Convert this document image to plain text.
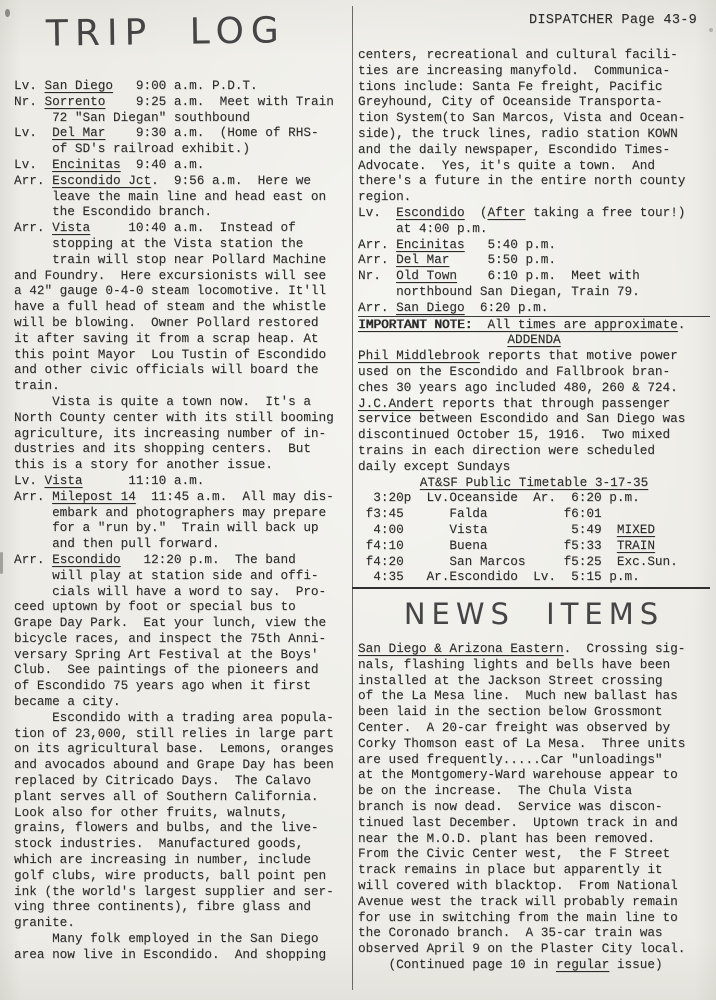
TRIP LOG	DISPATCHER Page 43-9
Lv. San Diego   9:00 a.m. P.D.T.
Nr. Sorrento    9:25 a.m.  Meet with Train
72 "San Diegan" southbound
Lv.  Del Mar    9:30 a.m.  (Home of RHS-
of SD's railroad exhibit.)
Lv.  Encinitas  9:40 a.m.
Arr. Escondido Jct.  9:56 a.m.  Here we
leave the main line and head east on
the Escondido branch.
Arr. Vista	10:40 a.m.  Instead of
stopping at the Vista station the
train will stop near Pollard Machine
and Foundry.  Here excursionists will see
a 42" gauge 0-4-0 steam locomotive. It'll
have a full head of steam and the whistle
will be blowing.  Owner Pollard restored
it after saving it from a scrap heap. At
this point Mayor  Lou Tustin of Escondido
and other civic officials will board the
train.
Vista is quite a town now.  It's a
North County center with its still booming
agriculture, its increasing number of in-
dustries and its shopping centers.  But
this is a story for another issue.
Lv. Vista	11:10 a.m.
Arr. Milepost 14  11:45 a.m.  All may dis-
embark and photographers may prepare
for a "run by."  Train will back up
and then pull forward.
Arr. Escondido   12:20 p.m.  The band
will play at station side and offi-
cials will have a word to say.  Pro-
ceed uptown by foot or special bus to
Grape Day Park.  Eat your lunch, view the
bicycle races, and inspect the 75th Anni-
versary Spring Art Festival at the Boys'
Club.  See paintings of the pioneers and
of Escondido 75 years ago when it first
became a city.
Escondido with a trading area popula-
tion of 23,000, still relies in large part
on its agricultural base.  Lemons, oranges
and avocados abound and Grape Day has been
replaced by Citricado Days.  The Calavo
plant serves all of Southern California.
Look also for other fruits, walnuts,
grains, flowers and bulbs, and the live-
stock industries.  Manufactured goods,
which are increasing in number, include
golf clubs, wire products, ball point pen
ink (the world's largest supplier and ser-
ving three continents), fibre glass and
granite.
Many folk employed in the San Diego
area now live in Escondido.  And shopping
centers, recreational and cultural facili-
ties are increasing manyfold.  Communica-
tions include: Santa Fe freight, Pacific
Greyhound, City of Oceanside Transporta-
tion System(to San Marcos, Vista and Ocean-
side), the truck lines, radio station KOWN
and the daily newspaper, Escondido Times-
Advocate.  Yes, it's quite a town.  And
there's a future in the entire north county
region.
Lv.  Escondido  (After taking a free tour!)
at 4:00 p.m.
Arr. Encinitas   5:40 p.m.
Arr. Del Mar	5:50 p.m.
Nr.  Old Town    6:10 p.m.  Meet with
northbound San Diegan, Train 79.
Arr. San Diego  6:20 p.m.
IMPORTANT NOTE:  All times are approximate.
ADDENDA
Phil Middlebrook reports that motive power
used on the Escondido and Fallbrook bran-
ches 30 years ago included 480, 260 & 724.
J.C.Andert reports that through passenger
service between Escondido and San Diego was
discontinued October 15, 1916.  Two mixed
trains in each direction were scheduled
daily except Sundays
AT&SF Public Timetable 3-17-35
3:20p  Lv.Oceanside  Ar.  6:20 p.m.
f3:45      Falda          f6:01
4:00      Vista           5:49  MIXED
f4:10      Buena          f5:33  TRAIN
f4:20      San Marcos     f5:25  Exc.Sun.
4:35   Ar.Escondido  Lv.  5:15 p.m.
NEWS ITEMS
San Diego & Arizona Eastern.  Crossing sig-
nals, flashing lights and bells have been
installed at the Jackson Street crossing
of the La Mesa line.  Much new ballast has
been laid in the section below Grossmont
Center.  A 20-car freight was observed by
Corky Thomson east of La Mesa.  Three units
are used frequently.....Car "unloadings"
at the Montgomery-Ward warehouse appear to
be on the increase.  The Chula Vista
branch is now dead.  Service was discon-
tinued last December.  Uptown track in and
near the M.O.D. plant has been removed.
From the Civic Center west,  the F Street
track remains in place but apparently it
will covered with blacktop.  From National
Avenue west the track will probably remain
for use in switching from the main line to
the Coronado branch.  A 35-car train was
observed April 9 on the Plaster City local.
(Continued page 10 in regular issue)
